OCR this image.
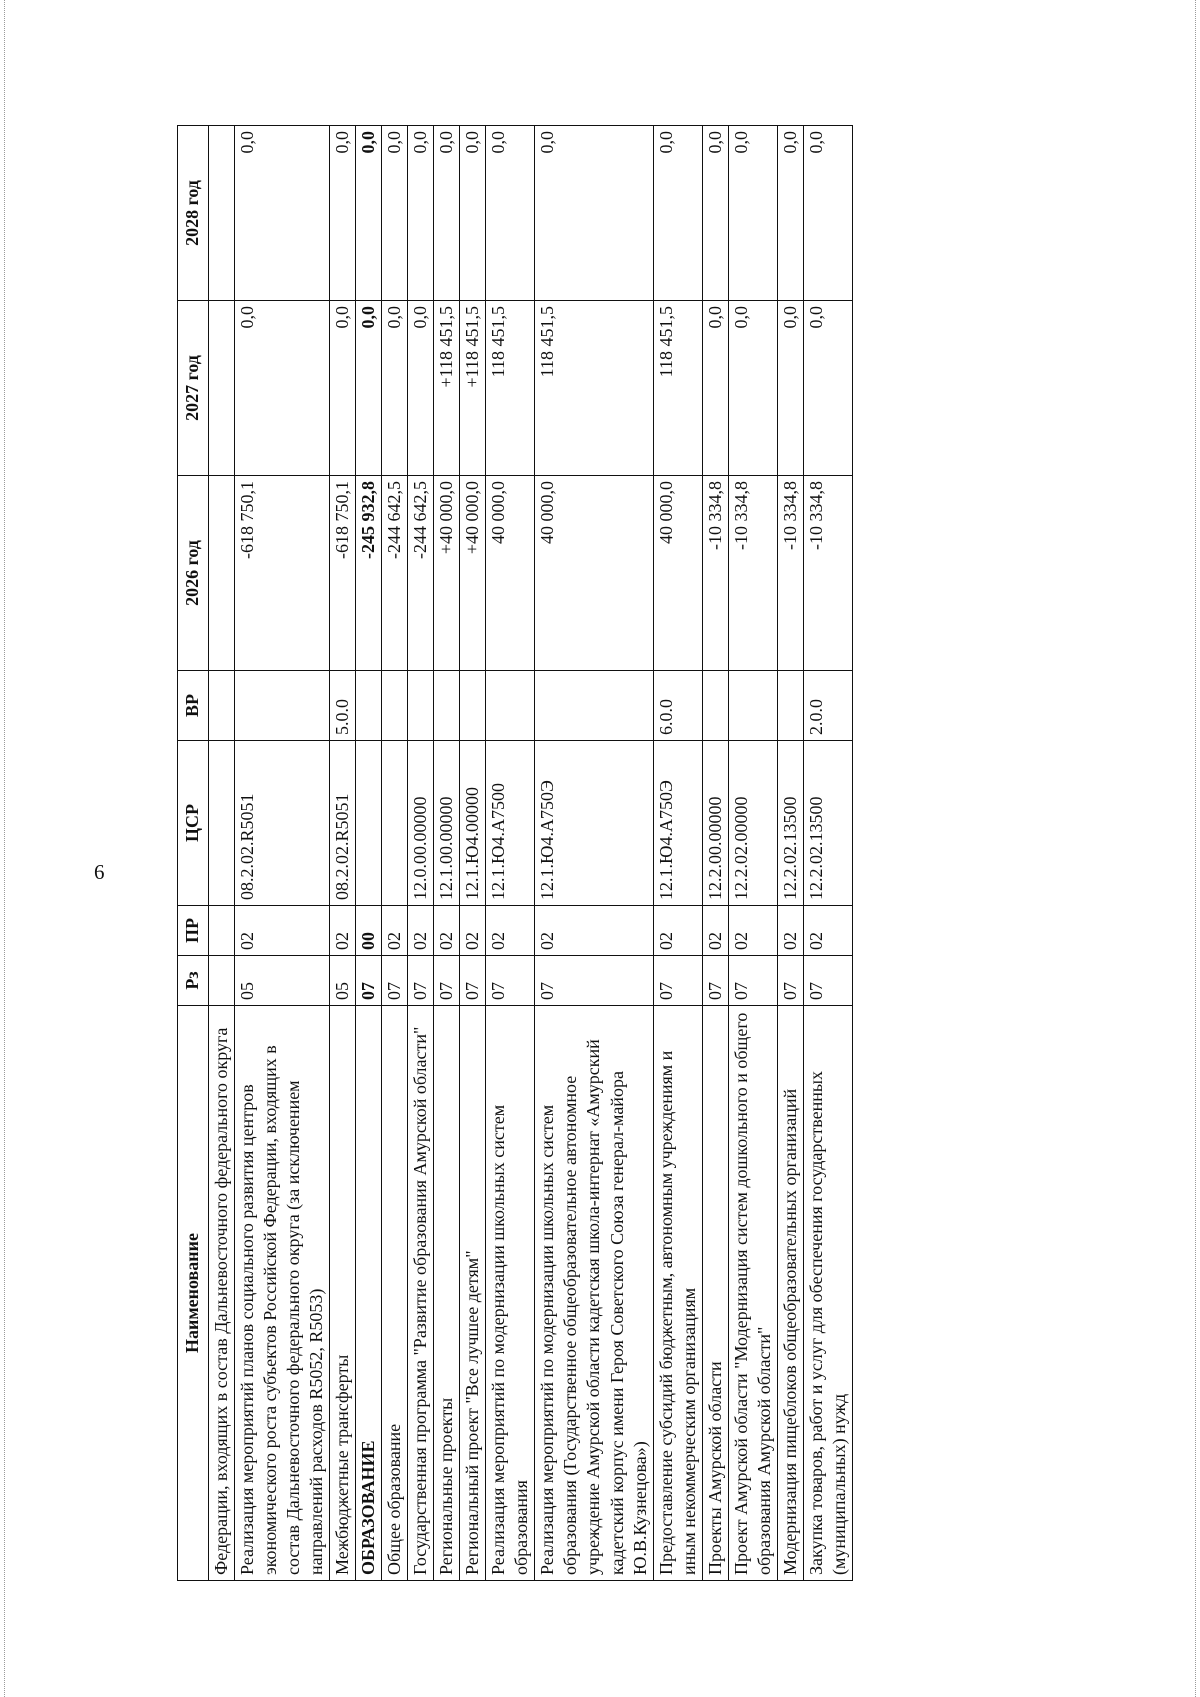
6
Наименование	Рз	ПР	ЦСР	ВР	2026 год	2027 год	2028 год
Федерации, входящих в состав Дальневосточного федерального округа							
Реализация мероприятий планов социального развития центров экономического роста субъектов Российской Федерации, входящих в состав Дальневосточного федерального округа (за исключением направлений расходов R5052, R5053)	05	02	08.2.02.R5051		-618 750,1	0,0	0,0
Межбюджетные трансферты	05	02	08.2.02.R5051	5.0.0	-618 750,1	0,0	0,0
ОБРАЗОВАНИЕ	07	00			-245 932,8	0,0	0,0
Общее образование	07	02			-244 642,5	0,0	0,0
Государственная программа "Развитие образования Амурской области"	07	02	12.0.00.00000		-244 642,5	0,0	0,0
Региональные проекты	07	02	12.1.00.00000		+40 000,0	+118 451,5	0,0
Региональный проект "Все лучшее детям"	07	02	12.1.Ю4.00000		+40 000,0	+118 451,5	0,0
Реализация мероприятий по модернизации школьных систем образования	07	02	12.1.Ю4.А7500		40 000,0	118 451,5	0,0
Реализация мероприятий по модернизации школьных систем образования (Государственное общеобразовательное автономное учреждение Амурской области кадетская школа-интернат «Амурский кадетский корпус имени Героя Советского Союза генерал-майора Ю.В.Кузнецова»)	07	02	12.1.Ю4.А750Э		40 000,0	118 451,5	0,0
Предоставление субсидий бюджетным, автономным учреждениям и иным некоммерческим организациям	07	02	12.1.Ю4.А750Э	6.0.0	40 000,0	118 451,5	0,0
Проекты Амурской области	07	02	12.2.00.00000		-10 334,8	0,0	0,0
Проект Амурской области "Модернизация систем дошкольного и общего образования Амурской области"	07	02	12.2.02.00000		-10 334,8	0,0	0,0
Модернизация пищеблоков общеобразовательных организаций	07	02	12.2.02.13500		-10 334,8	0,0	0,0
Закупка товаров, работ и услуг для обеспечения государственных (муниципальных) нужд	07	02	12.2.02.13500	2.0.0	-10 334,8	0,0	0,0
